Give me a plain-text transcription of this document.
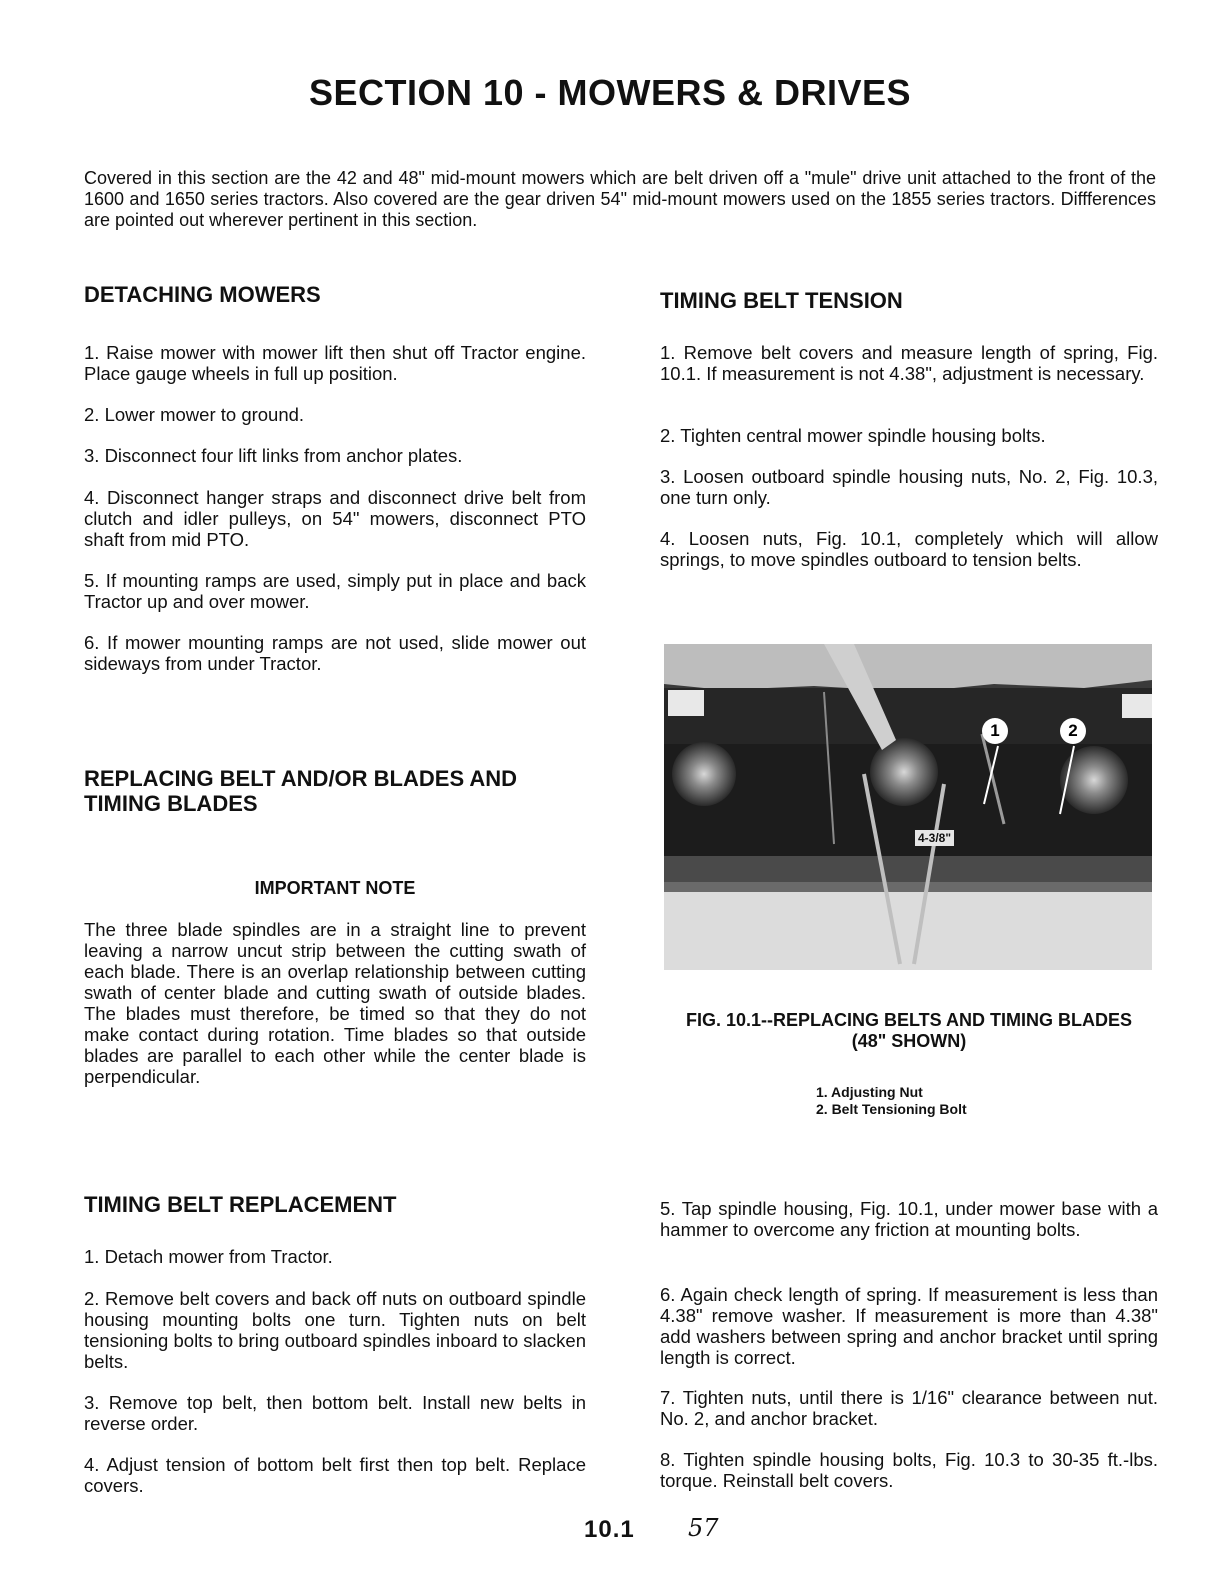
SECTION 10 - MOWERS & DRIVES
Covered in this section are the 42 and 48" mid-mount mowers which are belt driven off a "mule" drive unit attached to the front of the 1600 and 1650 series tractors. Also covered are the gear driven 54" mid-mount mowers used on the 1855 series tractors. Diffferences are pointed out wherever pertinent in this section.
DETACHING MOWERS

1. Raise mower with mower lift then shut off Tractor engine. Place gauge wheels in full up position.

2. Lower mower to ground.

3. Disconnect four lift links from anchor plates.

4. Disconnect hanger straps and disconnect drive belt from clutch and idler pulleys, on 54" mowers, disconnect PTO shaft from mid PTO.

5. If mounting ramps are used, simply put in place and back Tractor up and over mower.

6. If mower mounting ramps are not used, slide mower out sideways from under Tractor.

REPLACING BELT AND/OR BLADES AND
TIMING BLADES
IMPORTANT NOTE

The three blade spindles are in a straight line to prevent leaving a narrow uncut strip between the cutting swath of each blade. There is an overlap relationship between cutting swath of center blade and cutting swath of outside blades. The blades must therefore, be timed so that they do not make contact during rotation. Time blades so that outside blades are parallel to each other while the center blade is perpendicular.

TIMING BELT TENSION

1. Remove belt covers and measure length of spring, Fig. 10.1. If measurement is not 4.38", adjustment is necessary.

2. Tighten central mower spindle housing bolts.

3. Loosen outboard spindle housing nuts, No. 2, Fig. 10.3, one turn only.

4. Loosen nuts, Fig. 10.1, completely which will allow springs, to move spindles outboard to tension belts.

4-3/8"
1	2
FIG. 10.1--REPLACING BELTS AND TIMING BLADES
(48" SHOWN)
1. Adjusting Nut
2. Belt Tensioning Bolt
TIMING BELT REPLACEMENT

1. Detach mower from Tractor.

2. Remove belt covers and back off nuts on outboard spindle housing mounting bolts one turn. Tighten nuts on belt tensioning bolts to bring outboard spindles inboard to slacken belts.

3. Remove top belt, then bottom belt. Install new belts in reverse order.

4. Adjust tension of bottom belt first then top belt. Replace covers.

5. Tap spindle housing, Fig. 10.1, under mower base with a hammer to overcome any friction at mounting bolts.

6. Again check length of spring. If measurement is less than 4.38" remove washer. If measurement is more than 4.38" add washers between spring and anchor bracket until spring length is correct.

7. Tighten nuts, until there is 1/16" clearance between nut. No. 2, and anchor bracket.

8. Tighten spindle housing bolts, Fig. 10.3 to 30-35 ft.-lbs. torque. Reinstall belt covers.

10.1 57
